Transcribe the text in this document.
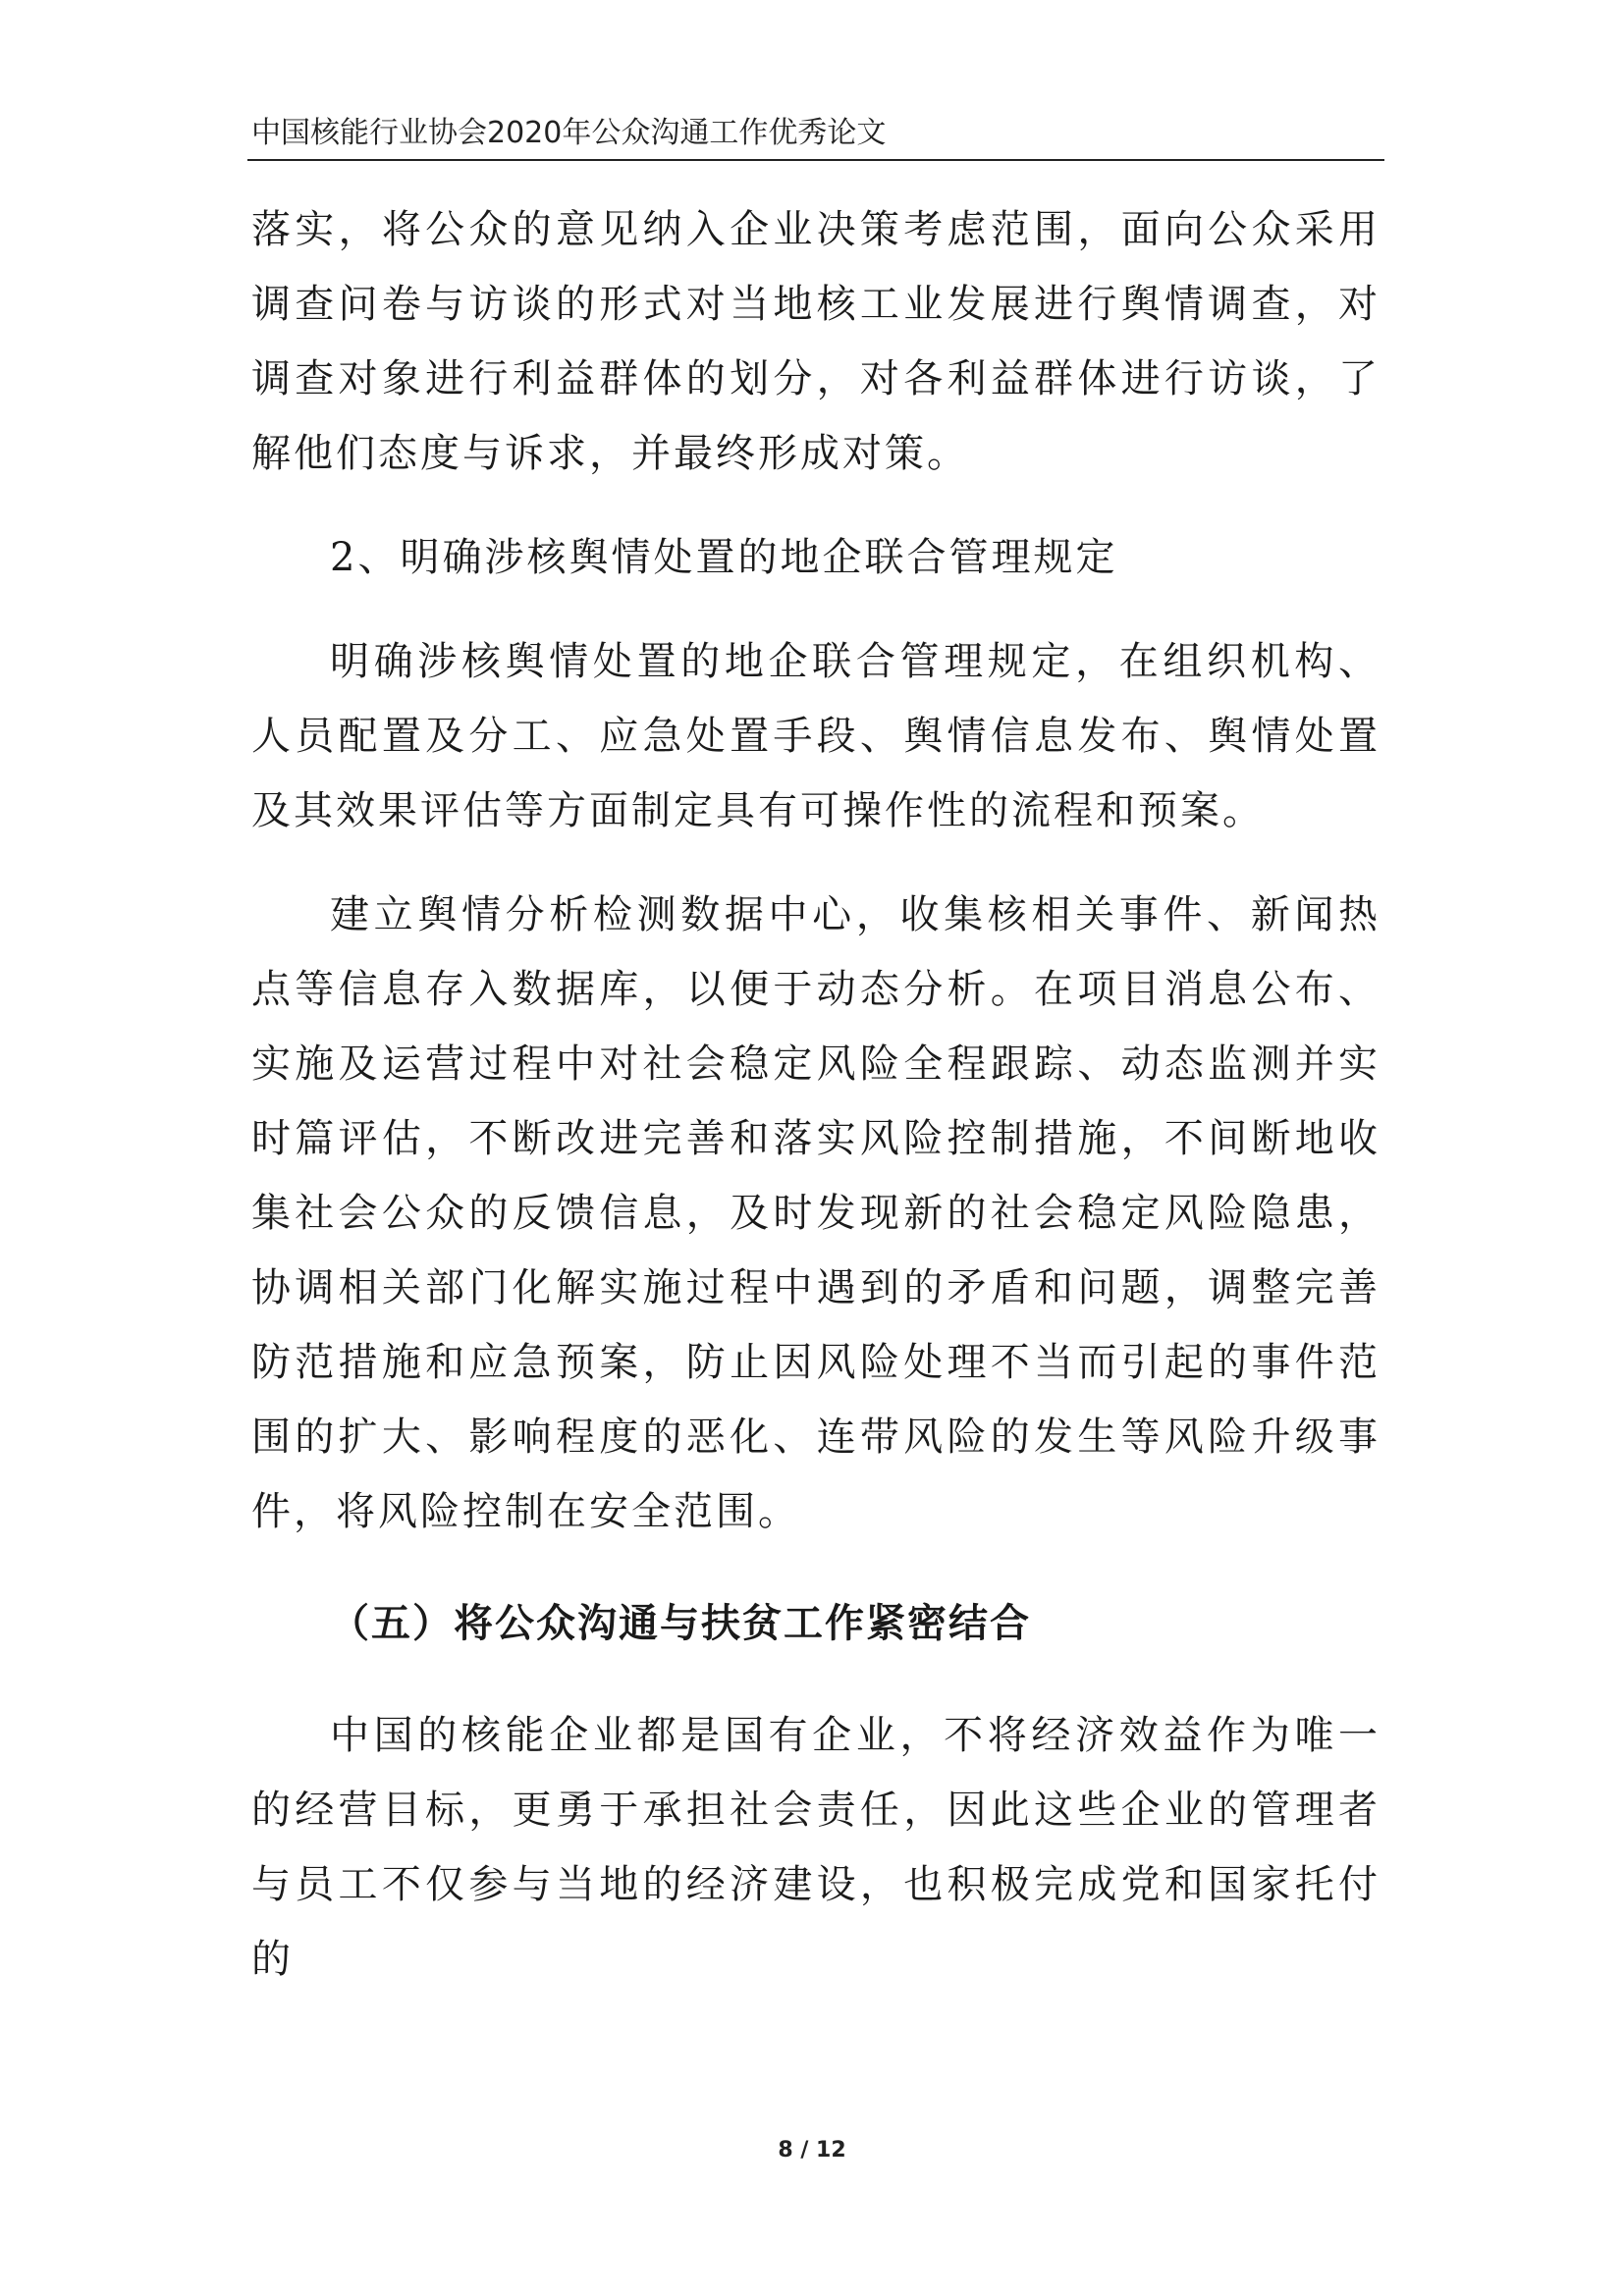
中国核能行业协会2020年公众沟通工作优秀论文

落实，将公众的意见纳入企业决策考虑范围，面向公众采用调查问卷与访谈的形式对当地核工业发展进行舆情调查，对调查对象进行利益群体的划分，对各利益群体进行访谈，了解他们态度与诉求，并最终形成对策。

2、明确涉核舆情处置的地企联合管理规定

明确涉核舆情处置的地企联合管理规定，在组织机构、人员配置及分工、应急处置手段、舆情信息发布、舆情处置及其效果评估等方面制定具有可操作性的流程和预案。

建立舆情分析检测数据中心，收集核相关事件、新闻热点等信息存入数据库，以便于动态分析。在项目消息公布、实施及运营过程中对社会稳定风险全程跟踪、动态监测并实时篇评估，不断改进完善和落实风险控制措施，不间断地收集社会公众的反馈信息，及时发现新的社会稳定风险隐患，协调相关部门化解实施过程中遇到的矛盾和问题，调整完善防范措施和应急预案，防止因风险处理不当而引起的事件范围的扩大、影响程度的恶化、连带风险的发生等风险升级事件，将风险控制在安全范围。

（五）将公众沟通与扶贫工作紧密结合

中国的核能企业都是国有企业，不将经济效益作为唯一的经营目标，更勇于承担社会责任，因此这些企业的管理者与员工不仅参与当地的经济建设，也积极完成党和国家托付的

8 / 12
